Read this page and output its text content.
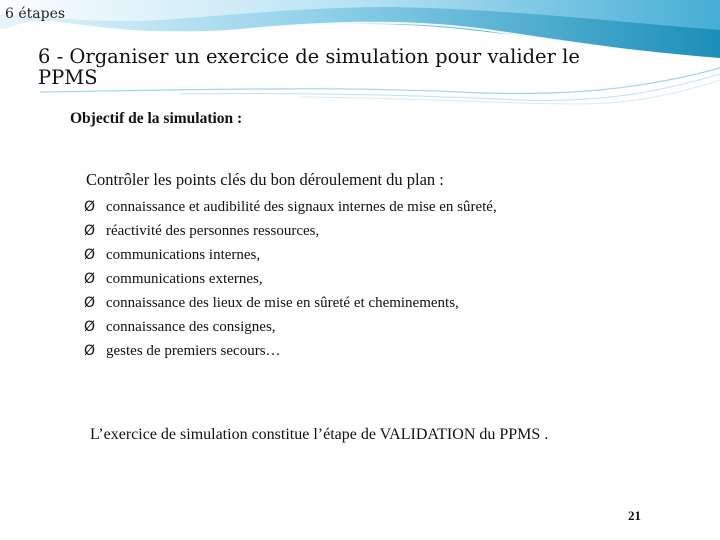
6 étapes
6 - Organiser un exercice de simulation pour valider le PPMS
Objectif de la simulation :
Contrôler les points clés du bon déroulement du plan :
Ø connaissance et audibilité des signaux internes de mise en sûreté,
Ø réactivité des personnes ressources,
Ø communications internes,
Ø communications externes,
Ø connaissance des lieux de mise en sûreté et cheminements,
Ø connaissance des consignes,
Ø gestes de premiers secours…
L’exercice de simulation constitue l’étape de VALIDATION du PPMS .
21
